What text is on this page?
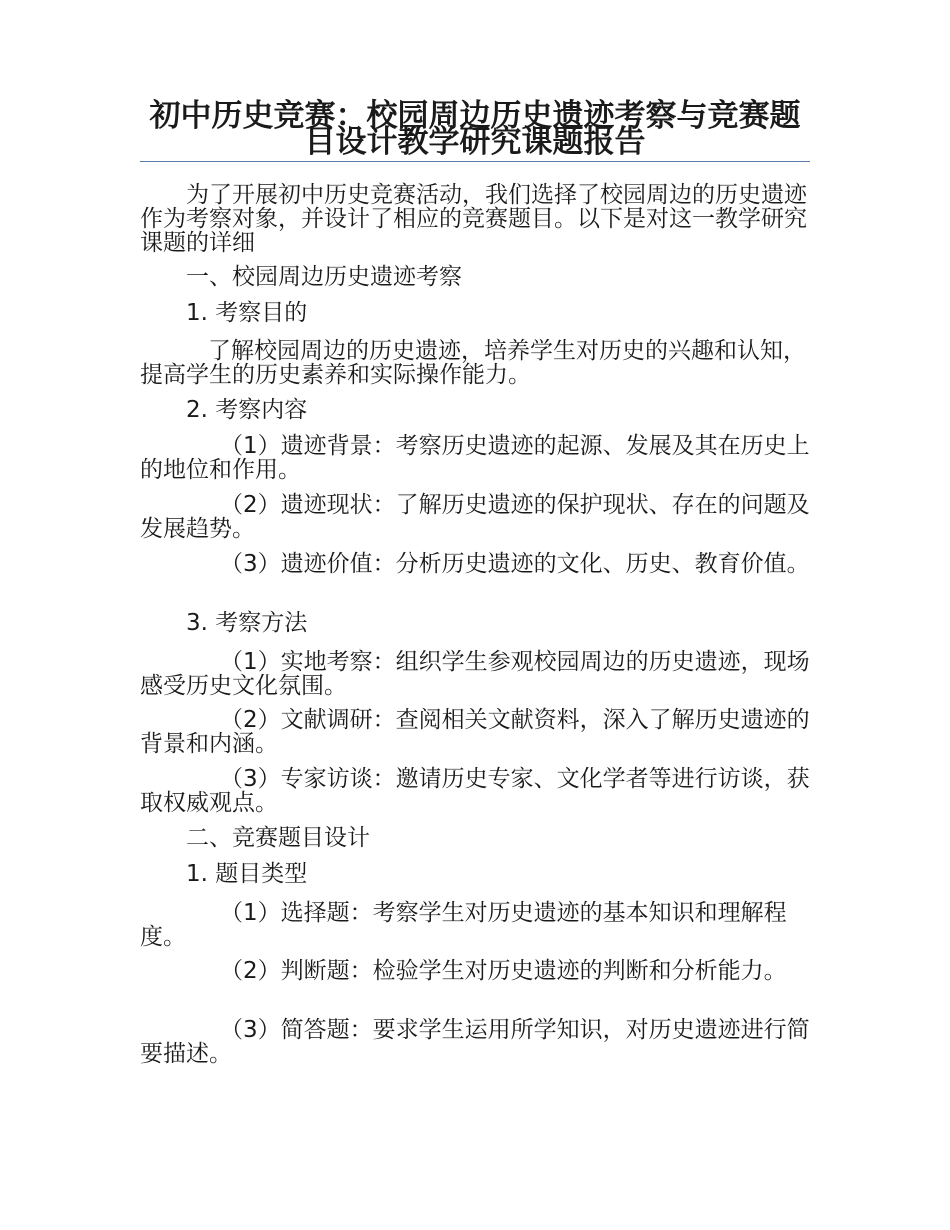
初中历史竞赛：校园周边历史遗迹考察与竞赛题目设计教学研究课题报告

为了开展初中历史竞赛活动，我们选择了校园周边的历史遗迹作为考察对象，并设计了相应的竞赛题目。以下是对这一教学研究课题的详细

一、校园周边历史遗迹考察

1. 考察目的

了解校园周边的历史遗迹，培养学生对历史的兴趣和认知，提高学生的历史素养和实际操作能力。

2. 考察内容

（1）遗迹背景：考察历史遗迹的起源、发展及其在历史上的地位和作用。

（2）遗迹现状：了解历史遗迹的保护现状、存在的问题及发展趋势。

（3）遗迹价值：分析历史遗迹的文化、历史、教育价值。

3. 考察方法

（1）实地考察：组织学生参观校园周边的历史遗迹，现场感受历史文化氛围。

（2）文献调研：查阅相关文献资料，深入了解历史遗迹的背景和内涵。

（3）专家访谈：邀请历史专家、文化学者等进行访谈，获取权威观点。

二、竞赛题目设计

1. 题目类型

（1）选择题：考察学生对历史遗迹的基本知识和理解程度。

（2）判断题：检验学生对历史遗迹的判断和分析能力。

（3）简答题：要求学生运用所学知识，对历史遗迹进行简要描述。
